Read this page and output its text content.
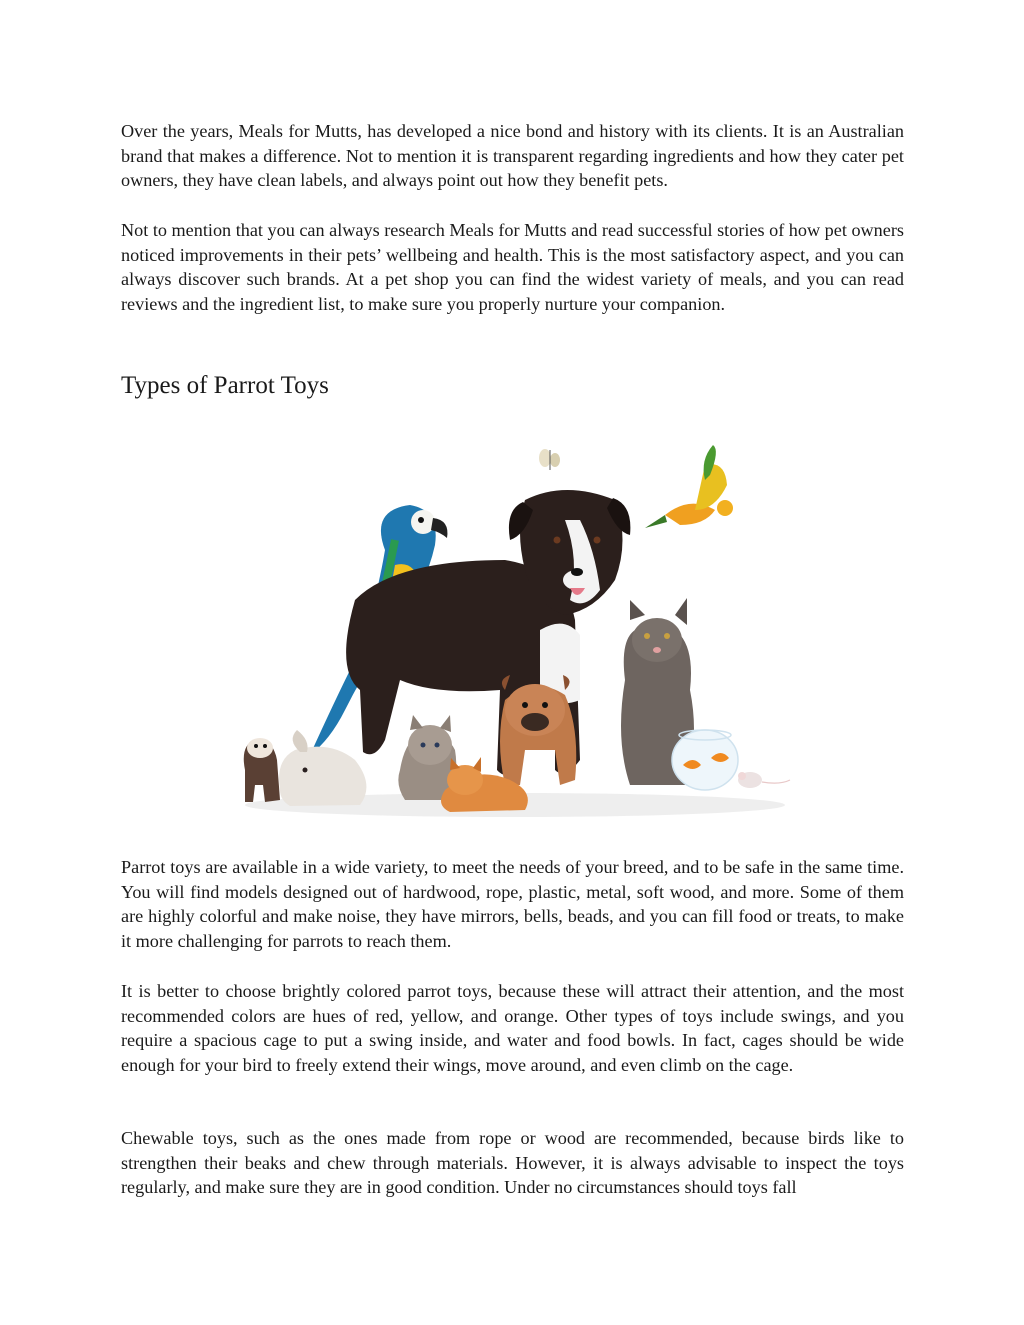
Over the years, Meals for Mutts, has developed a nice bond and history with its clients. It is an Australian brand that makes a difference. Not to mention it is transparent regarding ingredients and how they cater pet owners, they have clean labels, and always point out how they benefit pets.

Not to mention that you can always research Meals for Mutts and read successful stories of how pet owners noticed improvements in their pets’ wellbeing and health. This is the most satisfactory aspect, and you can always discover such brands. At a pet shop you can find the widest variety of meals, and you can read reviews and the ingredient list, to make sure you properly nurture your companion.

Types of Parrot Toys

Parrot toys are available in a wide variety, to meet the needs of your breed, and to be safe in the same time. You will find models designed out of hardwood, rope, plastic, metal, soft wood, and more. Some of them are highly colorful and make noise, they have mirrors, bells, beads, and you can fill food or treats, to make it more challenging for parrots to reach them.

It is better to choose brightly colored parrot toys, because these will attract their attention, and the most recommended colors are hues of red, yellow, and orange. Other types of toys include swings, and you require a spacious cage to put a swing inside, and water and food bowls. In fact, cages should be wide enough for your bird to freely extend their wings, move around, and even climb on the cage.

Chewable toys, such as the ones made from rope or wood are recommended, because birds like to strengthen their beaks and chew through materials. However, it is always advisable to inspect the toys regularly, and make sure they are in good condition. Under no circumstances should toys fall
